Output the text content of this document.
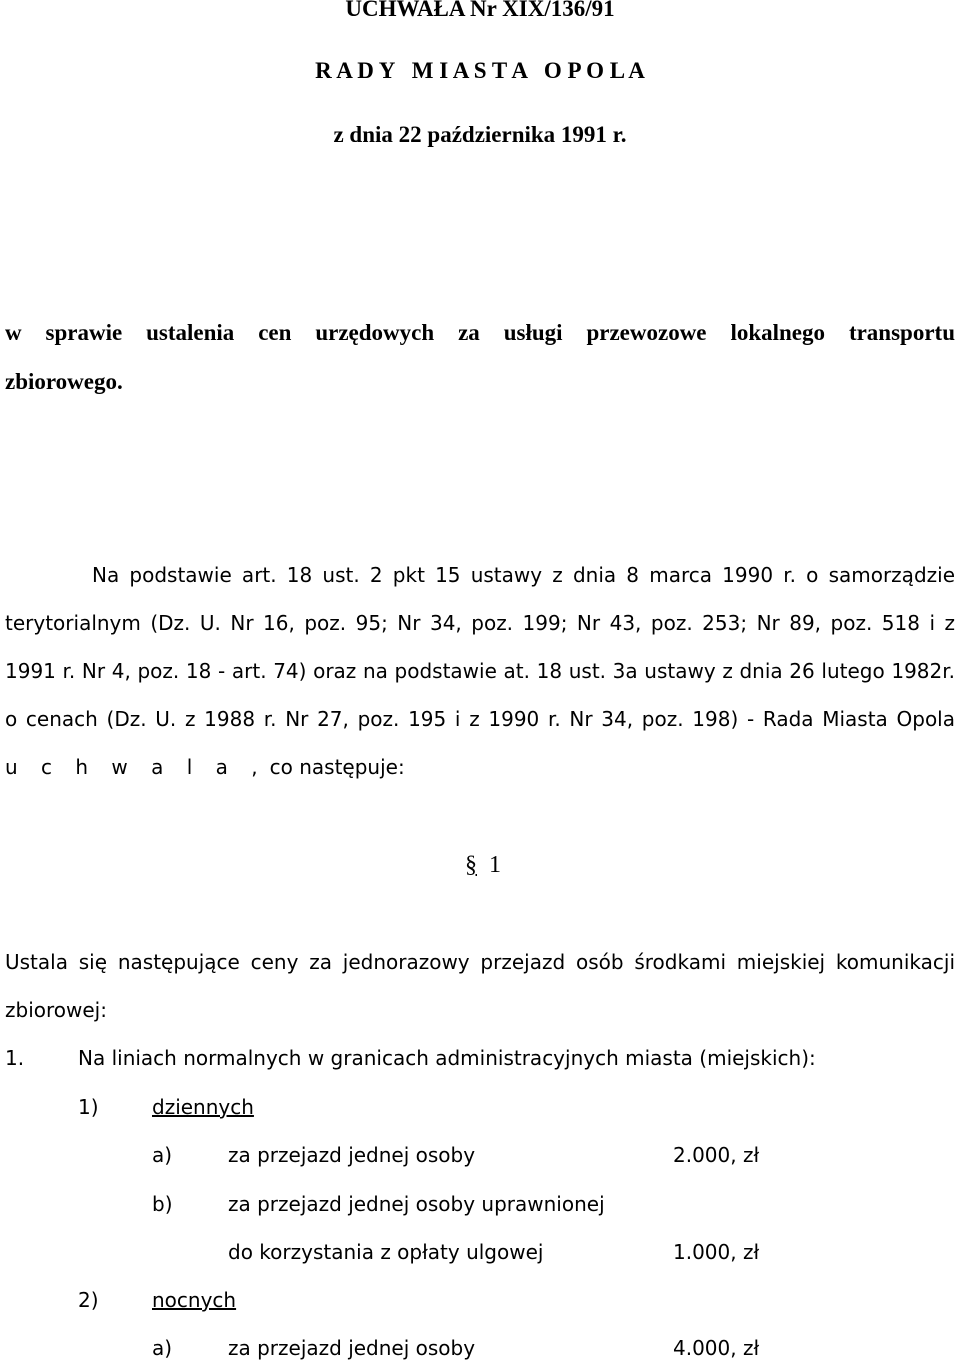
UCHWAŁA Nr XIX/136/91
R A D Y   M I A S T A   O P O L A
z dnia 22 października 1991 r.
w sprawie ustalenia cen urzędowych za usługi przewozowe lokalnego transportu
zbiorowego.
Na podstawie art. 18 ust. 2 pkt 15 ustawy z dnia 8 marca 1990 r. o samorządzie
terytorialnym (Dz. U. Nr 16, poz. 95; Nr 34, poz. 199; Nr 43, poz. 253; Nr 89, poz. 518 i z
1991 r. Nr 4, poz. 18 - art. 74) oraz na podstawie at. 18 ust. 3a ustawy z dnia 26 lutego 1982r.
o cenach (Dz. U. z 1988 r. Nr 27, poz. 195 i z 1990 r. Nr 34, poz. 198) - Rada Miasta Opola
u c h w a l a , co następuje:
§ 1
Ustala się następujące ceny za jednorazowy przejazd osób środkami miejskiej komunikacji
zbiorowej:
1.	Na liniach normalnych w granicach administracyjnych miasta (miejskich):
1)	dziennych
a)	za przejazd jednej osoby	2.000, zł
b)	za przejazd jednej osoby uprawnionej
do korzystania z opłaty ulgowej	1.000, zł
2)	nocnych
a)	za przejazd jednej osoby	4.000, zł
